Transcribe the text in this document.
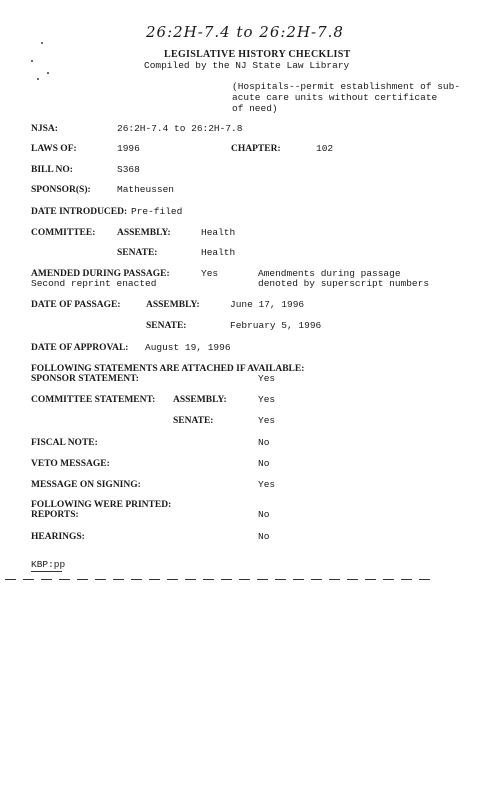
26:2H-7.4 to 26:2H-7.8
LEGISLATIVE HISTORY CHECKLIST
Compiled by the NJ State Law Library
(Hospitals--permit establishment of sub-
acute care units without certificate
of need)
NJSA:	26:2H-7.4 to 26:2H-7.8
LAWS OF:	1996	CHAPTER:	102
BILL NO:	S368
SPONSOR(S):	Matheussen
DATE INTRODUCED: Pre-filed
COMMITTEE: ASSEMBLY:	Health
SENATE:	Health
AMENDED DURING PASSAGE:	Yes
Second reprint enacted
Amendments during passage
denoted by superscript numbers
DATE OF PASSAGE:	ASSEMBLY:	June 17, 1996
SENATE:	February 5, 1996
DATE OF APPROVAL: August 19, 1996
FOLLOWING STATEMENTS ARE ATTACHED IF AVAILABLE:
SPONSOR STATEMENT:	Yes
COMMITTEE STATEMENT: ASSEMBLY:	Yes
SENATE:	Yes
FISCAL NOTE:	No
VETO MESSAGE:	No
MESSAGE ON SIGNING:	Yes
FOLLOWING WERE PRINTED:
REPORTS:	No
HEARINGS:	No
KBP:pp
